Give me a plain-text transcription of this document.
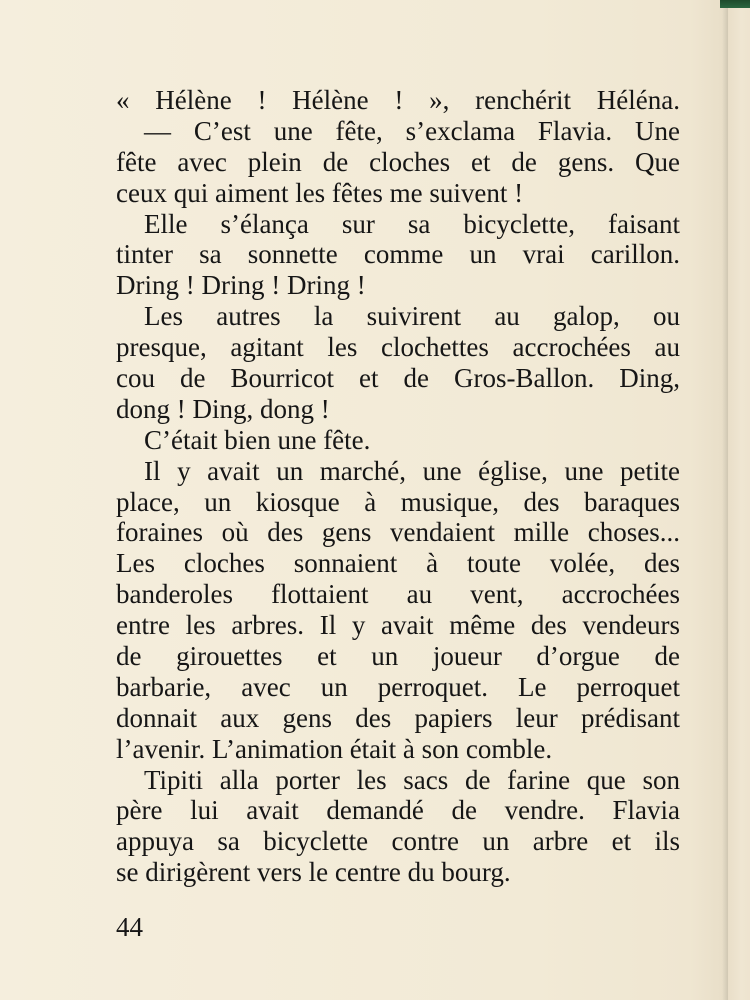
« Hélène ! Hélène ! », renchérit Héléna.
— C’est une fête, s’exclama Flavia. Une
fête avec plein de cloches et de gens. Que
ceux qui aiment les fêtes me suivent !
Elle s’élança sur sa bicyclette, faisant
tinter sa sonnette comme un vrai carillon.
Dring ! Dring ! Dring !
Les autres la suivirent au galop, ou
presque, agitant les clochettes accrochées au
cou de Bourricot et de Gros-Ballon. Ding,
dong ! Ding, dong !
C’était bien une fête.
Il y avait un marché, une église, une petite
place, un kiosque à musique, des baraques
foraines où des gens vendaient mille choses...
Les cloches sonnaient à toute volée, des
banderoles flottaient au vent, accrochées
entre les arbres. Il y avait même des vendeurs
de girouettes et un joueur d’orgue de
barbarie, avec un perroquet. Le perroquet
donnait aux gens des papiers leur prédisant
l’avenir. L’animation était à son comble.
Tipiti alla porter les sacs de farine que son
père lui avait demandé de vendre. Flavia
appuya sa bicyclette contre un arbre et ils
se dirigèrent vers le centre du bourg.
44
